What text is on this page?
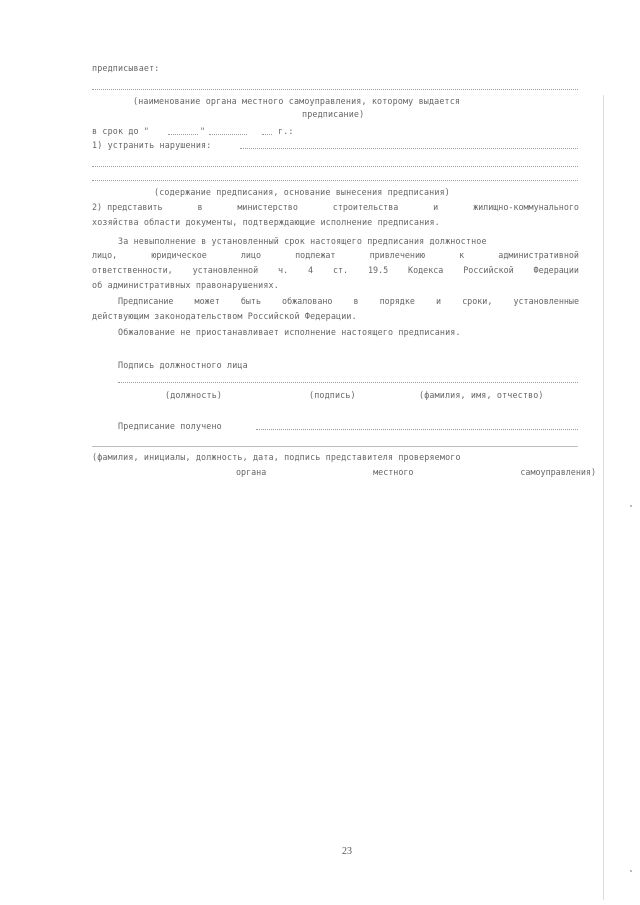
предписывает:
(наименование органа местного самоуправления, которому выдается
предписание)
в срок до "	"	г.:
1) устранить нарушения:
(содержание предписания, основание вынесения предписания)
2) представить	в	министерство	строительства	и	жилищно-коммунального
хозяйства области документы, подтверждающие исполнение предписания.
За невыполнение в установленный срок настоящего предписания должностное
лицо,	юридическое	лицо	подлежат	привлечению	к	административной
ответственности, установленной ч. 4 ст. 19.5 Кодекса Российской Федерации
об административных правонарушениях.
Предписание	может	быть	обжаловано	в	порядке	и	сроки,	установленные
действующим законодательством Российской Федерации.
Обжалование не приостанавливает исполнение настоящего предписания.
Подпись должностного лица
(должность)	(подпись)	(фамилия, имя, отчество)
Предписание получено
(фамилия, инициалы, должность, дата, подпись представителя проверяемого
органа	местного	самоуправления)
23
